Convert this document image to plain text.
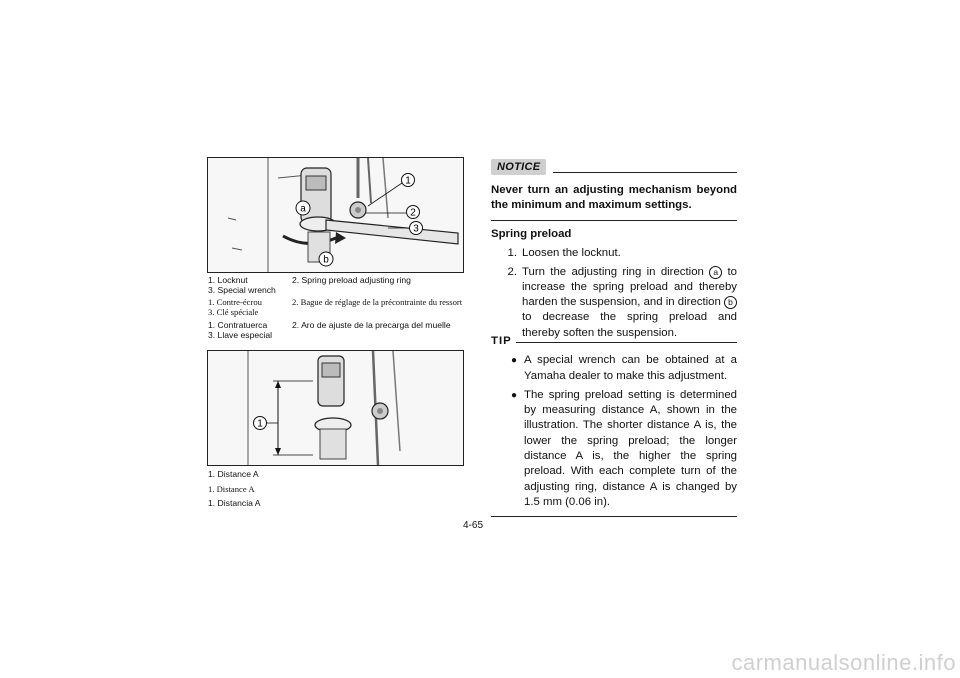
1
2
3
a
b
1. Locknut	2. Spring preload adjusting ring
3. Special wrench
1. Contre-écrou	2. Bague de réglage de la précontrainte du ressort
3. Clé spéciale
1. Contratuerca	2. Aro de ajuste de la precarga del muelle
3. Llave especial
1
1. Distance A
1. Distance A
1. Distancia A
NOTICE
Never turn an adjusting mechanism beyond the minimum and maximum settings.
Spring preload
1. Loosen the locknut.
2. Turn the adjusting ring in direction a to increase the spring preload and thereby harden the suspension, and in direction b to decrease the spring preload and thereby soften the suspension.
TIP
● A special wrench can be obtained at a Yamaha dealer to make this adjustment.
● The spring preload setting is determined by measuring distance A, shown in the illustration. The shorter distance A is, the lower the spring preload; the longer distance A is, the higher the spring preload. With each complete turn of the adjusting ring, distance A is changed by 1.5 mm (0.06 in).
4-65
carmanualsonline.info
